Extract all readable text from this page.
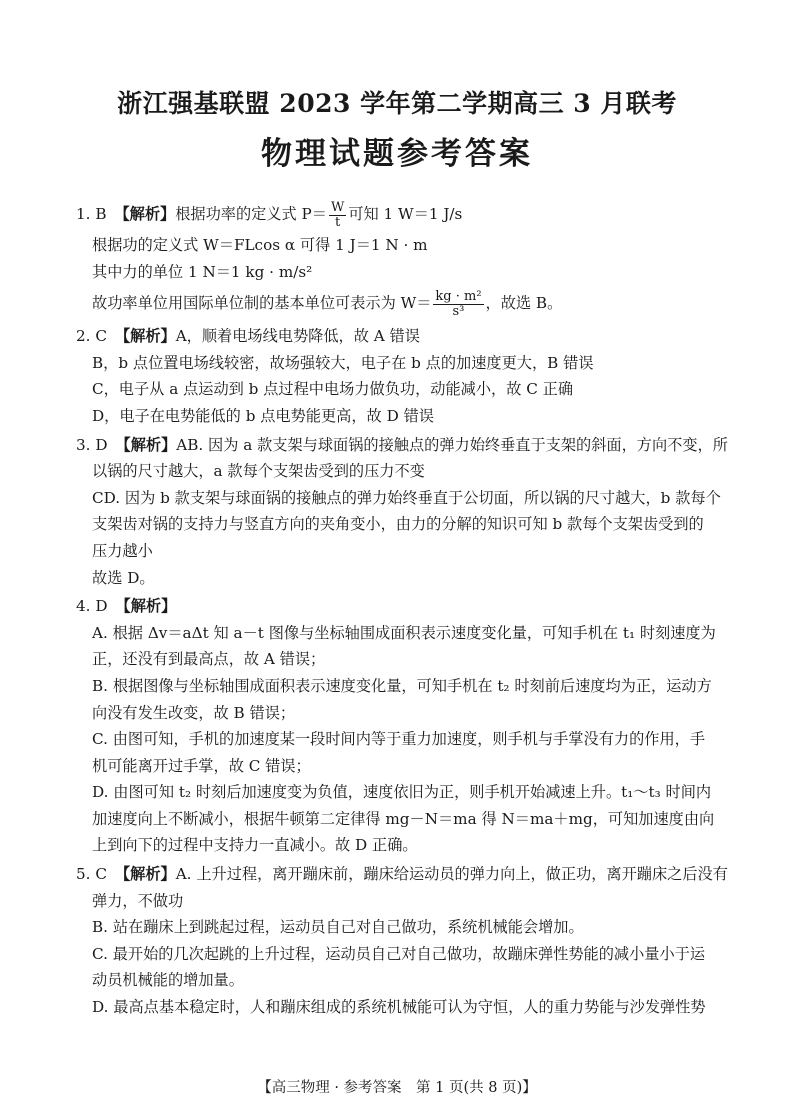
浙江强基联盟 2023 学年第二学期高三 3 月联考
物理试题参考答案
1. B 【解析】根据功率的定义式 $P= \frac{W}{t}$ 可知 1 W＝1 J/s
根据功的定义式 W＝FLcos α 可得 1 J＝1 N · m
其中力的单位 1 N＝1 kg · m/s²
故功率单位用国际单位制的基本单位可表示为 $W= \frac{\text{kg · m²}}{\text{s³}}$ ，故选 B。
2. C 【解析】A，顺着电场线电势降低，故 A 错误
B，b 点位置电场线较密，故场强较大，电子在 b 点的加速度更大，B 错误
C，电子从 a 点运动到 b 点过程中电场力做负功，动能减小，故 C 正确
D，电子在电势能低的 b 点电势能更高，故 D 错误
3. D 【解析】AB. 因为 a 款支架与球面锅的接触点的弹力始终垂直于支架的斜面，方向不变，所
以锅的尺寸越大，a 款每个支架齿受到的压力不变
CD. 因为 b 款支架与球面锅的接触点的弹力始终垂直于公切面，所以锅的尺寸越大，b 款每个
支架齿对锅的支持力与竖直方向的夹角变小，由力的分解的知识可知 b 款每个支架齿受到的
压力越小
故选 D。
4. D 【解析】
A. 根据 Δv＝aΔt 知 a－t 图像与坐标轴围成面积表示速度变化量，可知手机在 t₁ 时刻速度为
正，还没有到最高点，故 A 错误；
B. 根据图像与坐标轴围成面积表示速度变化量，可知手机在 t₂ 时刻前后速度均为正，运动方
向没有发生改变，故 B 错误；
C. 由图可知，手机的加速度某一段时间内等于重力加速度，则手机与手掌没有力的作用，手
机可能离开过手掌，故 C 错误；
D. 由图可知 t₂ 时刻后加速度变为负值，速度依旧为正，则手机开始减速上升。t₁～t₃ 时间内
加速度向上不断减小，根据牛顿第二定律得 mg－N＝ma 得 N＝ma＋mg，可知加速度由向
上到向下的过程中支持力一直减小。故 D 正确。
5. C 【解析】A. 上升过程，离开蹦床前，蹦床给运动员的弹力向上，做正功，离开蹦床之后没有
弹力，不做功
B. 站在蹦床上到跳起过程，运动员自己对自己做功，系统机械能会增加。
C. 最开始的几次起跳的上升过程，运动员自己对自己做功，故蹦床弹性势能的减小量小于运
动员机械能的增加量。
D. 最高点基本稳定时，人和蹦床组成的系统机械能可认为守恒，人的重力势能与沙发弹性势
【高三物理 · 参考答案　第 1 页(共 8 页)】
